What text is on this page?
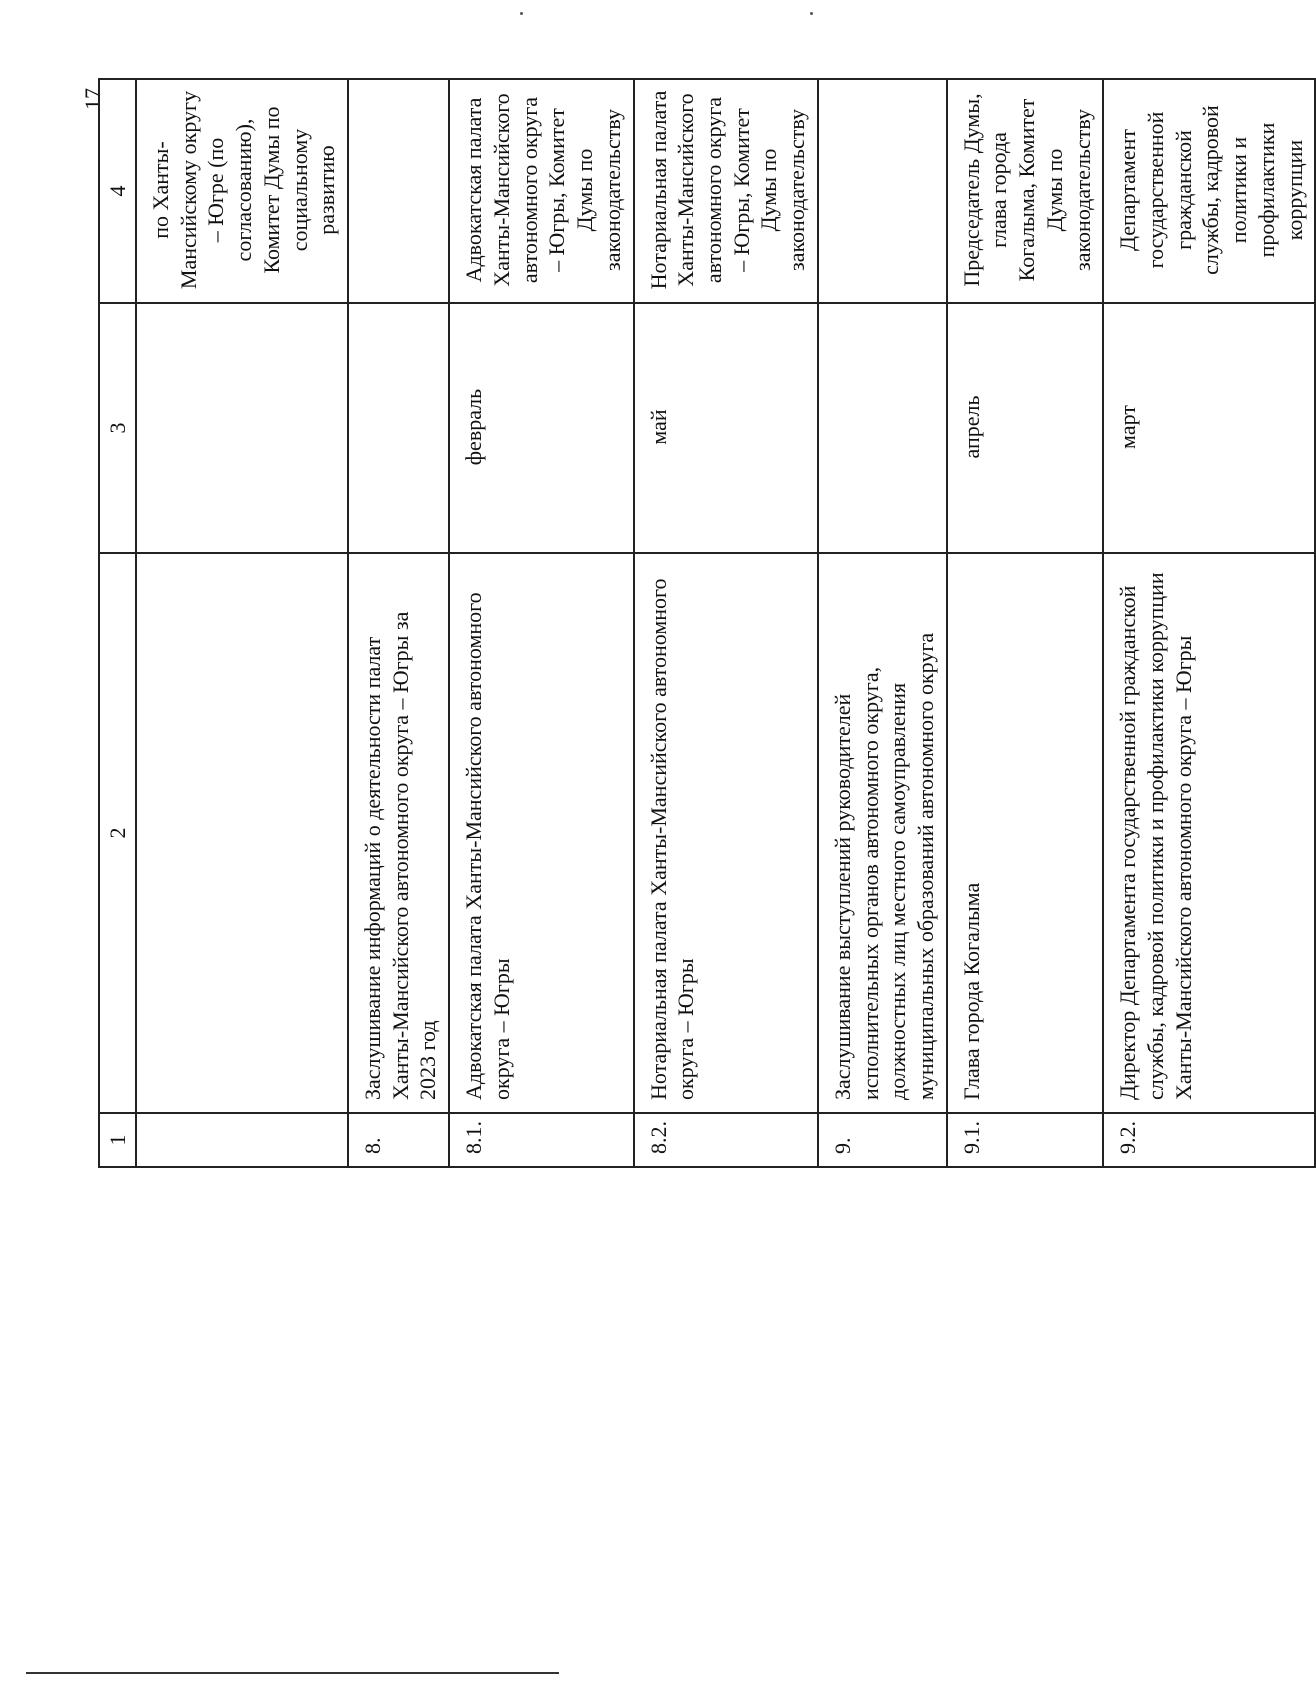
17
1	2	3	4
			по Ханты-Мансийскому округу – Югре (по согласованию), Комитет Думы по социальному развитию
8.	Заслушивание информаций о деятельности палат Ханты-Мансийского автономного округа – Югры за 2023 год		
8.1.	Адвокатская палата Ханты-Мансийского автономного округа – Югры	февраль	Адвокатская палата Ханты-Мансийского автономного округа – Югры, Комитет Думы по законодательству
8.2.	Нотариальная палата Ханты-Мансийского автономного округа – Югры	май	Нотариальная палата Ханты-Мансийского автономного округа – Югры, Комитет Думы по законодательству
9.	Заслушивание выступлений руководителей исполнительных органов автономного округа, должностных лиц местного самоуправления муниципальных образований автономного округа		
9.1.	Глава города Когалыма	апрель	Председатель Думы, глава города Когалыма, Комитет Думы по законодательству
9.2.	Директор Департамента государственной гражданской службы, кадровой политики и профилактики коррупции Ханты-Мансийского автономного округа – Югры	март	Департамент государственной гражданской службы, кадровой политики и профилактики коррупции
